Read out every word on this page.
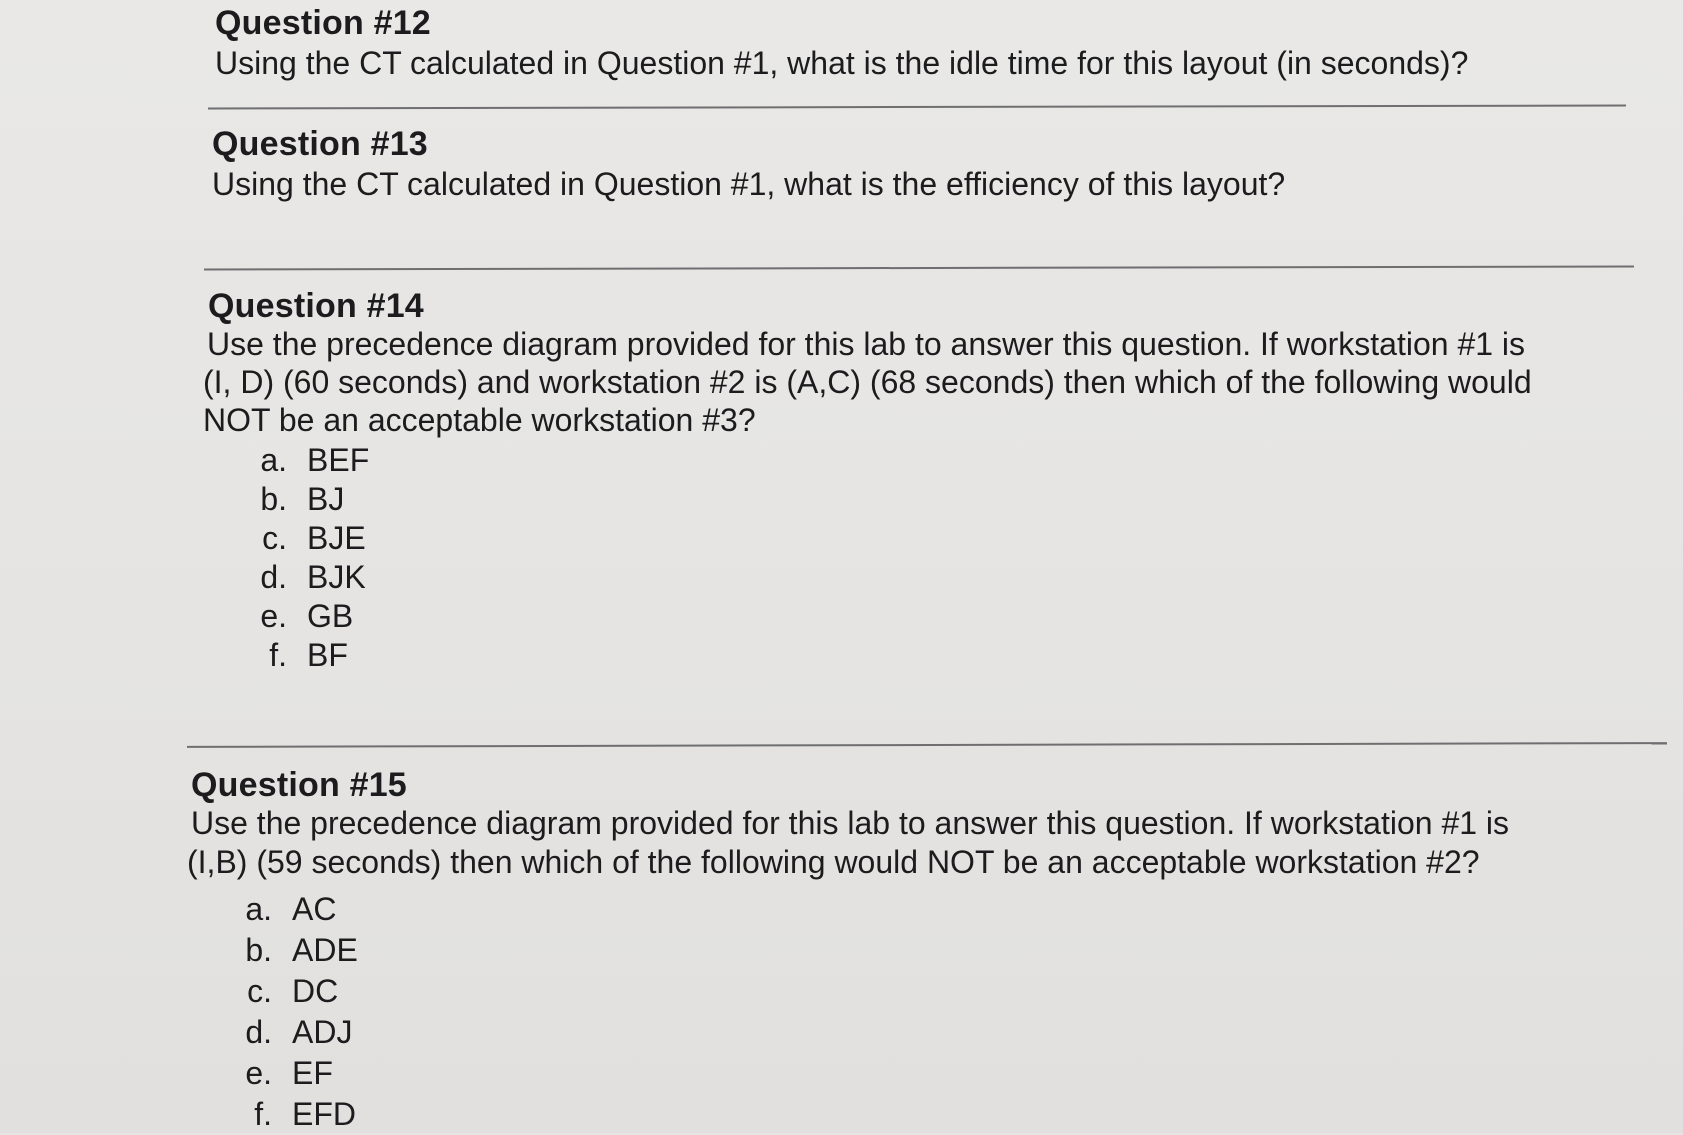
Question #12
Using the CT calculated in Question #1, what is the idle time for this layout (in seconds)?
Question #13
Using the CT calculated in Question #1, what is the efficiency of this layout?
Question #14
Use the precedence diagram provided for this lab to answer this question. If workstation #1 is
(I, D) (60 seconds) and workstation #2 is (A,C) (68 seconds) then which of the following would
NOT be an acceptable workstation #3?
a. BEF
b. BJ
c. BJE
d. BJK
e. GB
f. BF
Question #15
Use the precedence diagram provided for this lab to answer this question. If workstation #1 is
(I,B) (59 seconds) then which of the following would NOT be an acceptable workstation #2?
a. AC
b. ADE
c. DC
d. ADJ
e. EF
f. EFD
